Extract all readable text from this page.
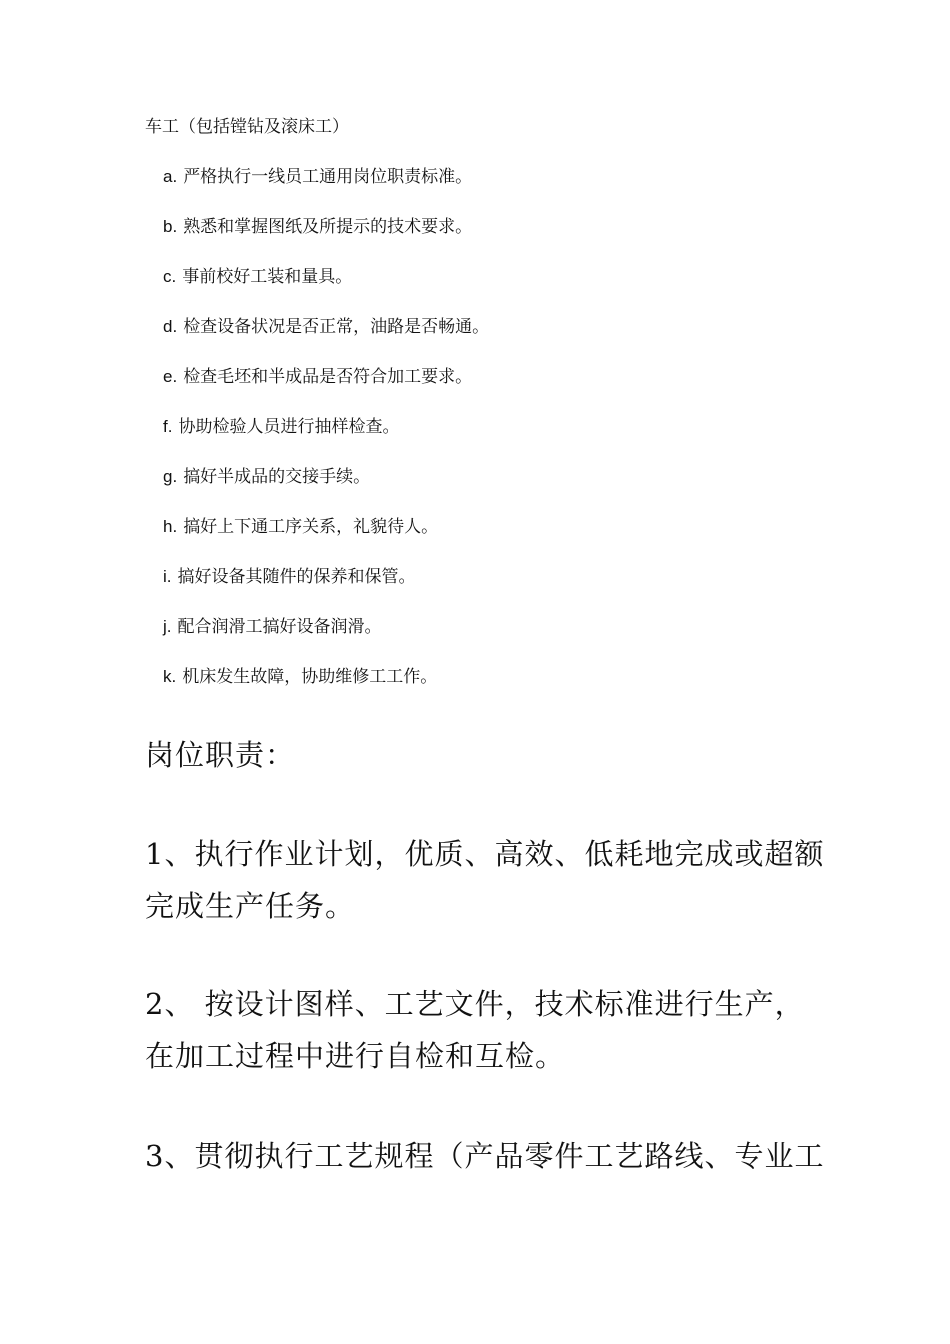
车工（包括镗钻及滚床工）
a. 严格执行一线员工通用岗位职责标准。
b. 熟悉和掌握图纸及所提示的技术要求。
c. 事前校好工装和量具。
d. 检查设备状况是否正常，油路是否畅通。
e. 检查毛坯和半成品是否符合加工要求。
f. 协助检验人员进行抽样检查。
g. 搞好半成品的交接手续。
h. 搞好上下通工序关系，礼貌待人。
i. 搞好设备其随件的保养和保管。
j. 配合润滑工搞好设备润滑。
k. 机床发生故障，协助维修工工作。
岗位职责：

1、执行作业计划，优质、高效、低耗地完成或超额完成生产任务。

2、 按设计图样、工艺文件，技术标准进行生产，在加工过程中进行自检和互检。

3、贯彻执行工艺规程（产品零件工艺路线、专业工
